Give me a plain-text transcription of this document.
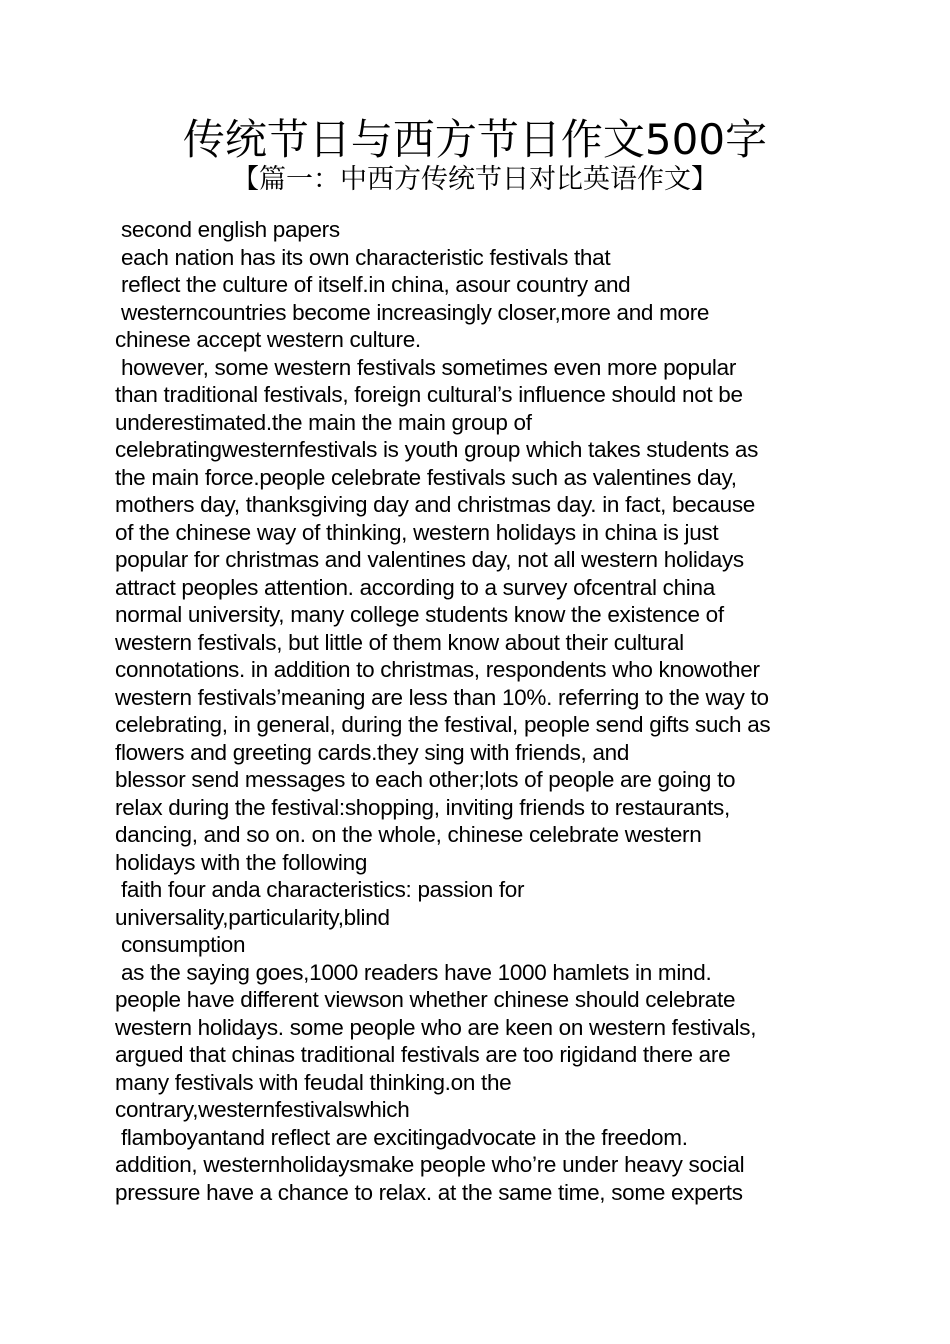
传统节日与西方节日作文500字
【篇一：中西方传统节日对比英语作文】
second english papers
each nation has its own characteristic festivals that
reflect the culture of itself.in china, asour country and
westerncountries become increasingly closer,more and more
chinese accept western culture.
however, some western festivals sometimes even more popular
than traditional festivals, foreign cultural’s influence should not be
underestimated.the main the main group of
celebratingwesternfestivals is youth group which takes students as
the main force.people celebrate festivals such as valentines day,
mothers day, thanksgiving day and christmas day. in fact, because
of the chinese way of thinking, western holidays in china is just
popular for christmas and valentines day, not all western holidays
attract peoples attention. according to a survey ofcentral china
normal university, many college students know the existence of
western festivals, but little of them know about their cultural
connotations. in addition to christmas, respondents who knowother
western festivals’meaning are less than 10%. referring to the way to
celebrating, in general, during the festival, people send gifts such as
flowers and greeting cards.they sing with friends, and
blessor send messages to each other;lots of people are going to
relax during the festival:shopping, inviting friends to restaurants,
dancing, and so on. on the whole, chinese celebrate western
holidays with the following
faith four anda characteristics: passion for
universality,particularity,blind
consumption
as the saying goes,1000 readers have 1000 hamlets in mind.
people have different viewson whether chinese should celebrate
western holidays. some people who are keen on western festivals,
argued that chinas traditional festivals are too rigidand there are
many festivals with feudal thinking.on the
contrary,westernfestivalswhich
flamboyantand reflect are excitingadvocate in the freedom.
addition, westernholidaysmake people who’re under heavy social
pressure have a chance to relax. at the same time, some experts
